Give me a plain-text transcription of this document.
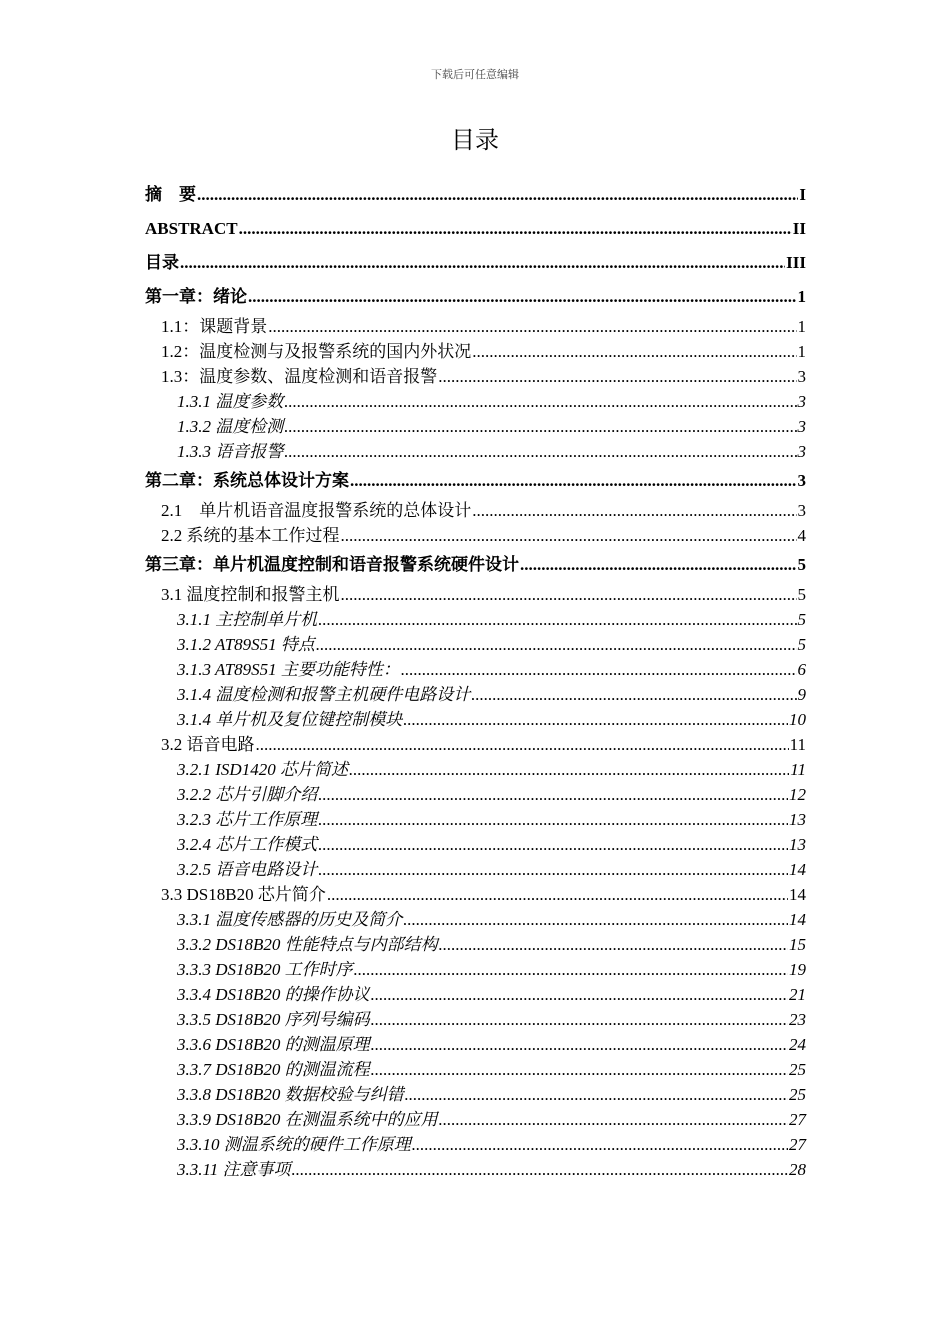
下载后可任意编辑
目录
摘　要 .....	I
ABSTRACT .....	II
目录 .....	III
第一章：绪论 .....	1
1.1：课题背景 .....	1
1.2：温度检测与及报警系统的国内外状况 .....	1
1.3：温度参数、温度检测和语音报警 .....	3
1.3.1 温度参数 .....	3
1.3.2 温度检测 .....	3
1.3.3 语音报警 .....	3
第二章：系统总体设计方案 .....	3
2.1　单片机语音温度报警系统的总体设计 .....	3
2.2 系统的基本工作过程 .....	4
第三章：单片机温度控制和语音报警系统硬件设计 .....	5
3.1 温度控制和报警主机 .....	5
3.1.1 主控制单片机 .....	5
3.1.2 AT89S51 特点 .....	5
3.1.3 AT89S51 主要功能特性： .....	6
3.1.4 温度检测和报警主机硬件电路设计 .....	9
3.1.4 单片机及复位键控制模块 .....	10
3.2 语音电路 .....	11
3.2.1 ISD1420 芯片简述 .....	11
3.2.2 芯片引脚介绍 .....	12
3.2.3 芯片工作原理 .....	13
3.2.4 芯片工作模式 .....	13
3.2.5 语音电路设计 .....	14
3.3 DS18B20 芯片简介 .....	14
3.3.1 温度传感器的历史及简介 .....	14
3.3.2 DS18B20 性能特点与内部结构 .....	15
3.3.3 DS18B20 工作时序 .....	19
3.3.4 DS18B20 的操作协议 .....	21
3.3.5 DS18B20 序列号编码 .....	23
3.3.6 DS18B20 的测温原理 .....	24
3.3.7 DS18B20 的测温流程 .....	25
3.3.8 DS18B20 数据校验与纠错 .....	25
3.3.9 DS18B20 在测温系统中的应用 .....	27
3.3.10 测温系统的硬件工作原理 .....	27
3.3.11 注意事项 .....	28
